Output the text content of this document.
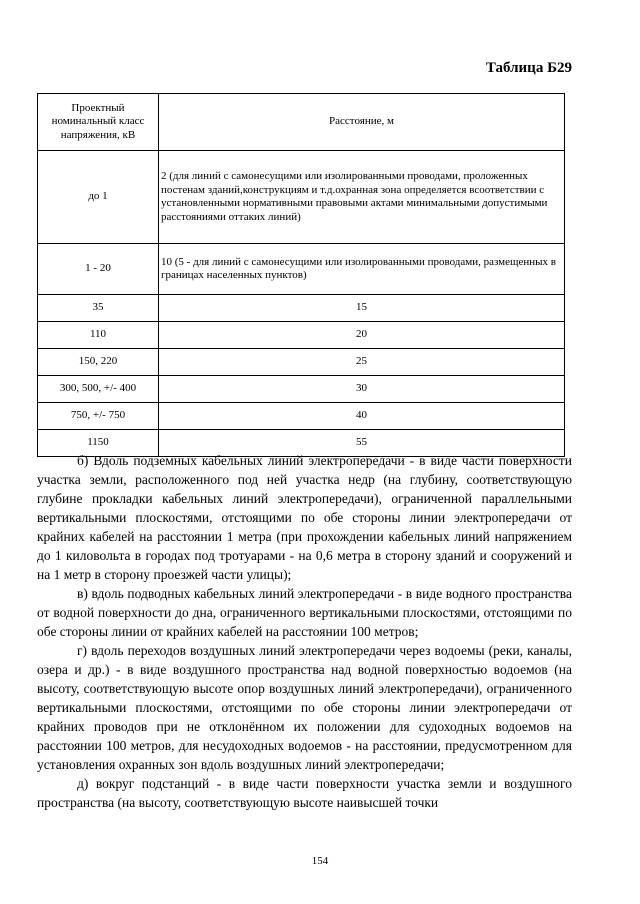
Таблица Б29
Проектный номинальный класс напряжения, кВ	Расстояние, м
до 1	2 (для линий с самонесущими или изолированными проводами, проложенных постенам зданий,конструкциям и т.д.охранная зона определяется всоответствии с установленными нормативными правовыми актами минимальными допустимыми расстояниями оттаких линий)
1 - 20	10 (5 - для линий с самонесущими или изолированными проводами, размещенных в границах населенных пунктов)
35	15
110	20
150, 220	25
300, 500, +/- 400	30
750, +/- 750	40
1150	55

б) Вдоль подземных кабельных линий электропередачи - в виде части поверхности участка земли, расположенного под ней участка недр (на глубину, соответствующую глубине прокладки кабельных линий электропередачи), ограниченной параллельными вертикальными плоскостями, отстоящими по обе стороны линии электропередачи от крайних кабелей на расстоянии 1 метра (при прохождении кабельных линий напряжением до 1 киловольта в городах под тротуарами - на 0,6 метра в сторону зданий и сооружений и на 1 метр в сторону проезжей части улицы);

в) вдоль подводных кабельных линий электропередачи - в виде водного пространства от водной поверхности до дна, ограниченного вертикальными плоскостями, отстоящими по обе стороны линии от крайних кабелей на расстоянии 100 метров;

г) вдоль переходов воздушных линий электропередачи через водоемы (реки, каналы, озера и др.) - в виде воздушного пространства над водной поверхностью водоемов (на высоту, соответствующую высоте опор воздушных линий электропередачи), ограниченного вертикальными плоскостями, отстоящими по обе стороны линии электропередачи от крайних проводов при не отклонённом их положении для судоходных водоемов на расстоянии 100 метров, для несудоходных водоемов - на расстоянии, предусмотренном для установления охранных зон вдоль воздушных линий электропередачи;

д) вокруг подстанций - в виде части поверхности участка земли и воздушного пространства (на высоту, соответствующую высоте наивысшей точки

154
